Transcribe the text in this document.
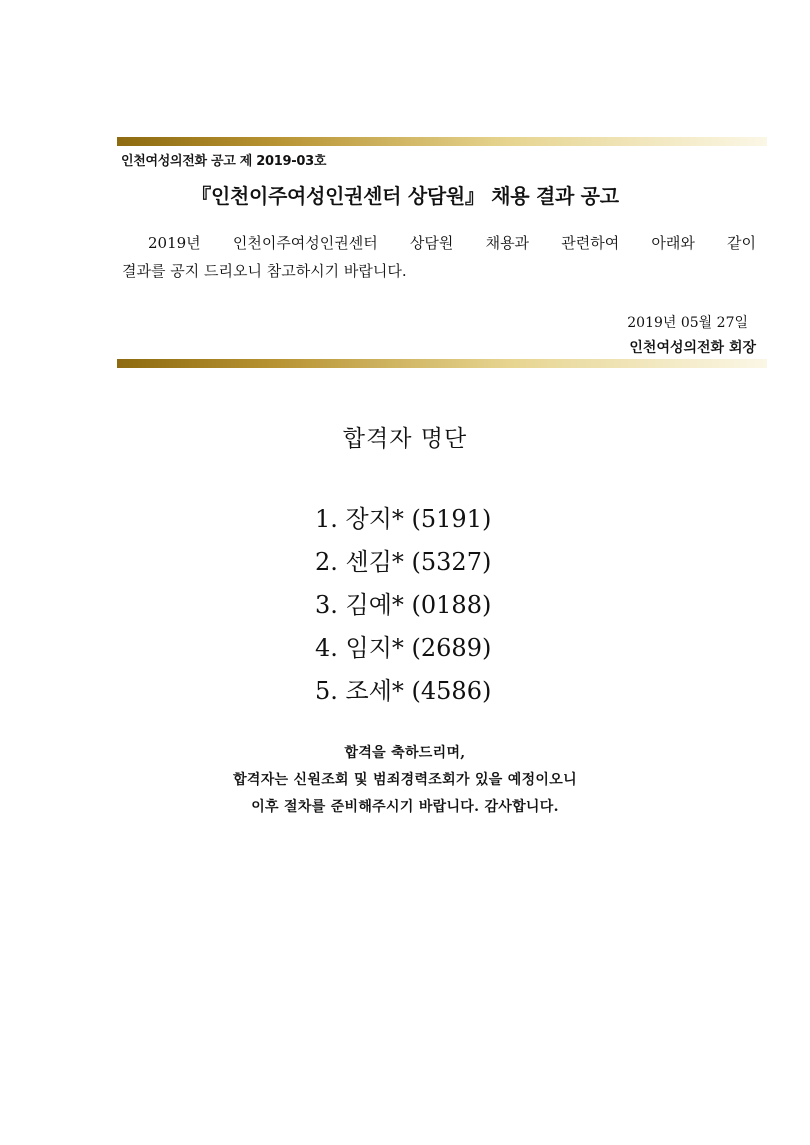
인천여성의전화 공고 제 2019-03호
『인천이주여성인권센터 상담원』 채용 결과 공고
2019년 인천이주여성인권센터 상담원 채용과 관련하여 아래와 같이
결과를 공지 드리오니 참고하시기 바랍니다.
2019년 05월 27일
인천여성의전화 회장
합격자 명단
1. 장지* (5191)
2. 센김* (5327)
3. 김예* (0188)
4. 임지* (2689)
5. 조세* (4586)
합격을 축하드리며,
합격자는 신원조회 및 범죄경력조회가 있을 예정이오니
이후 절차를 준비해주시기 바랍니다. 감사합니다.
